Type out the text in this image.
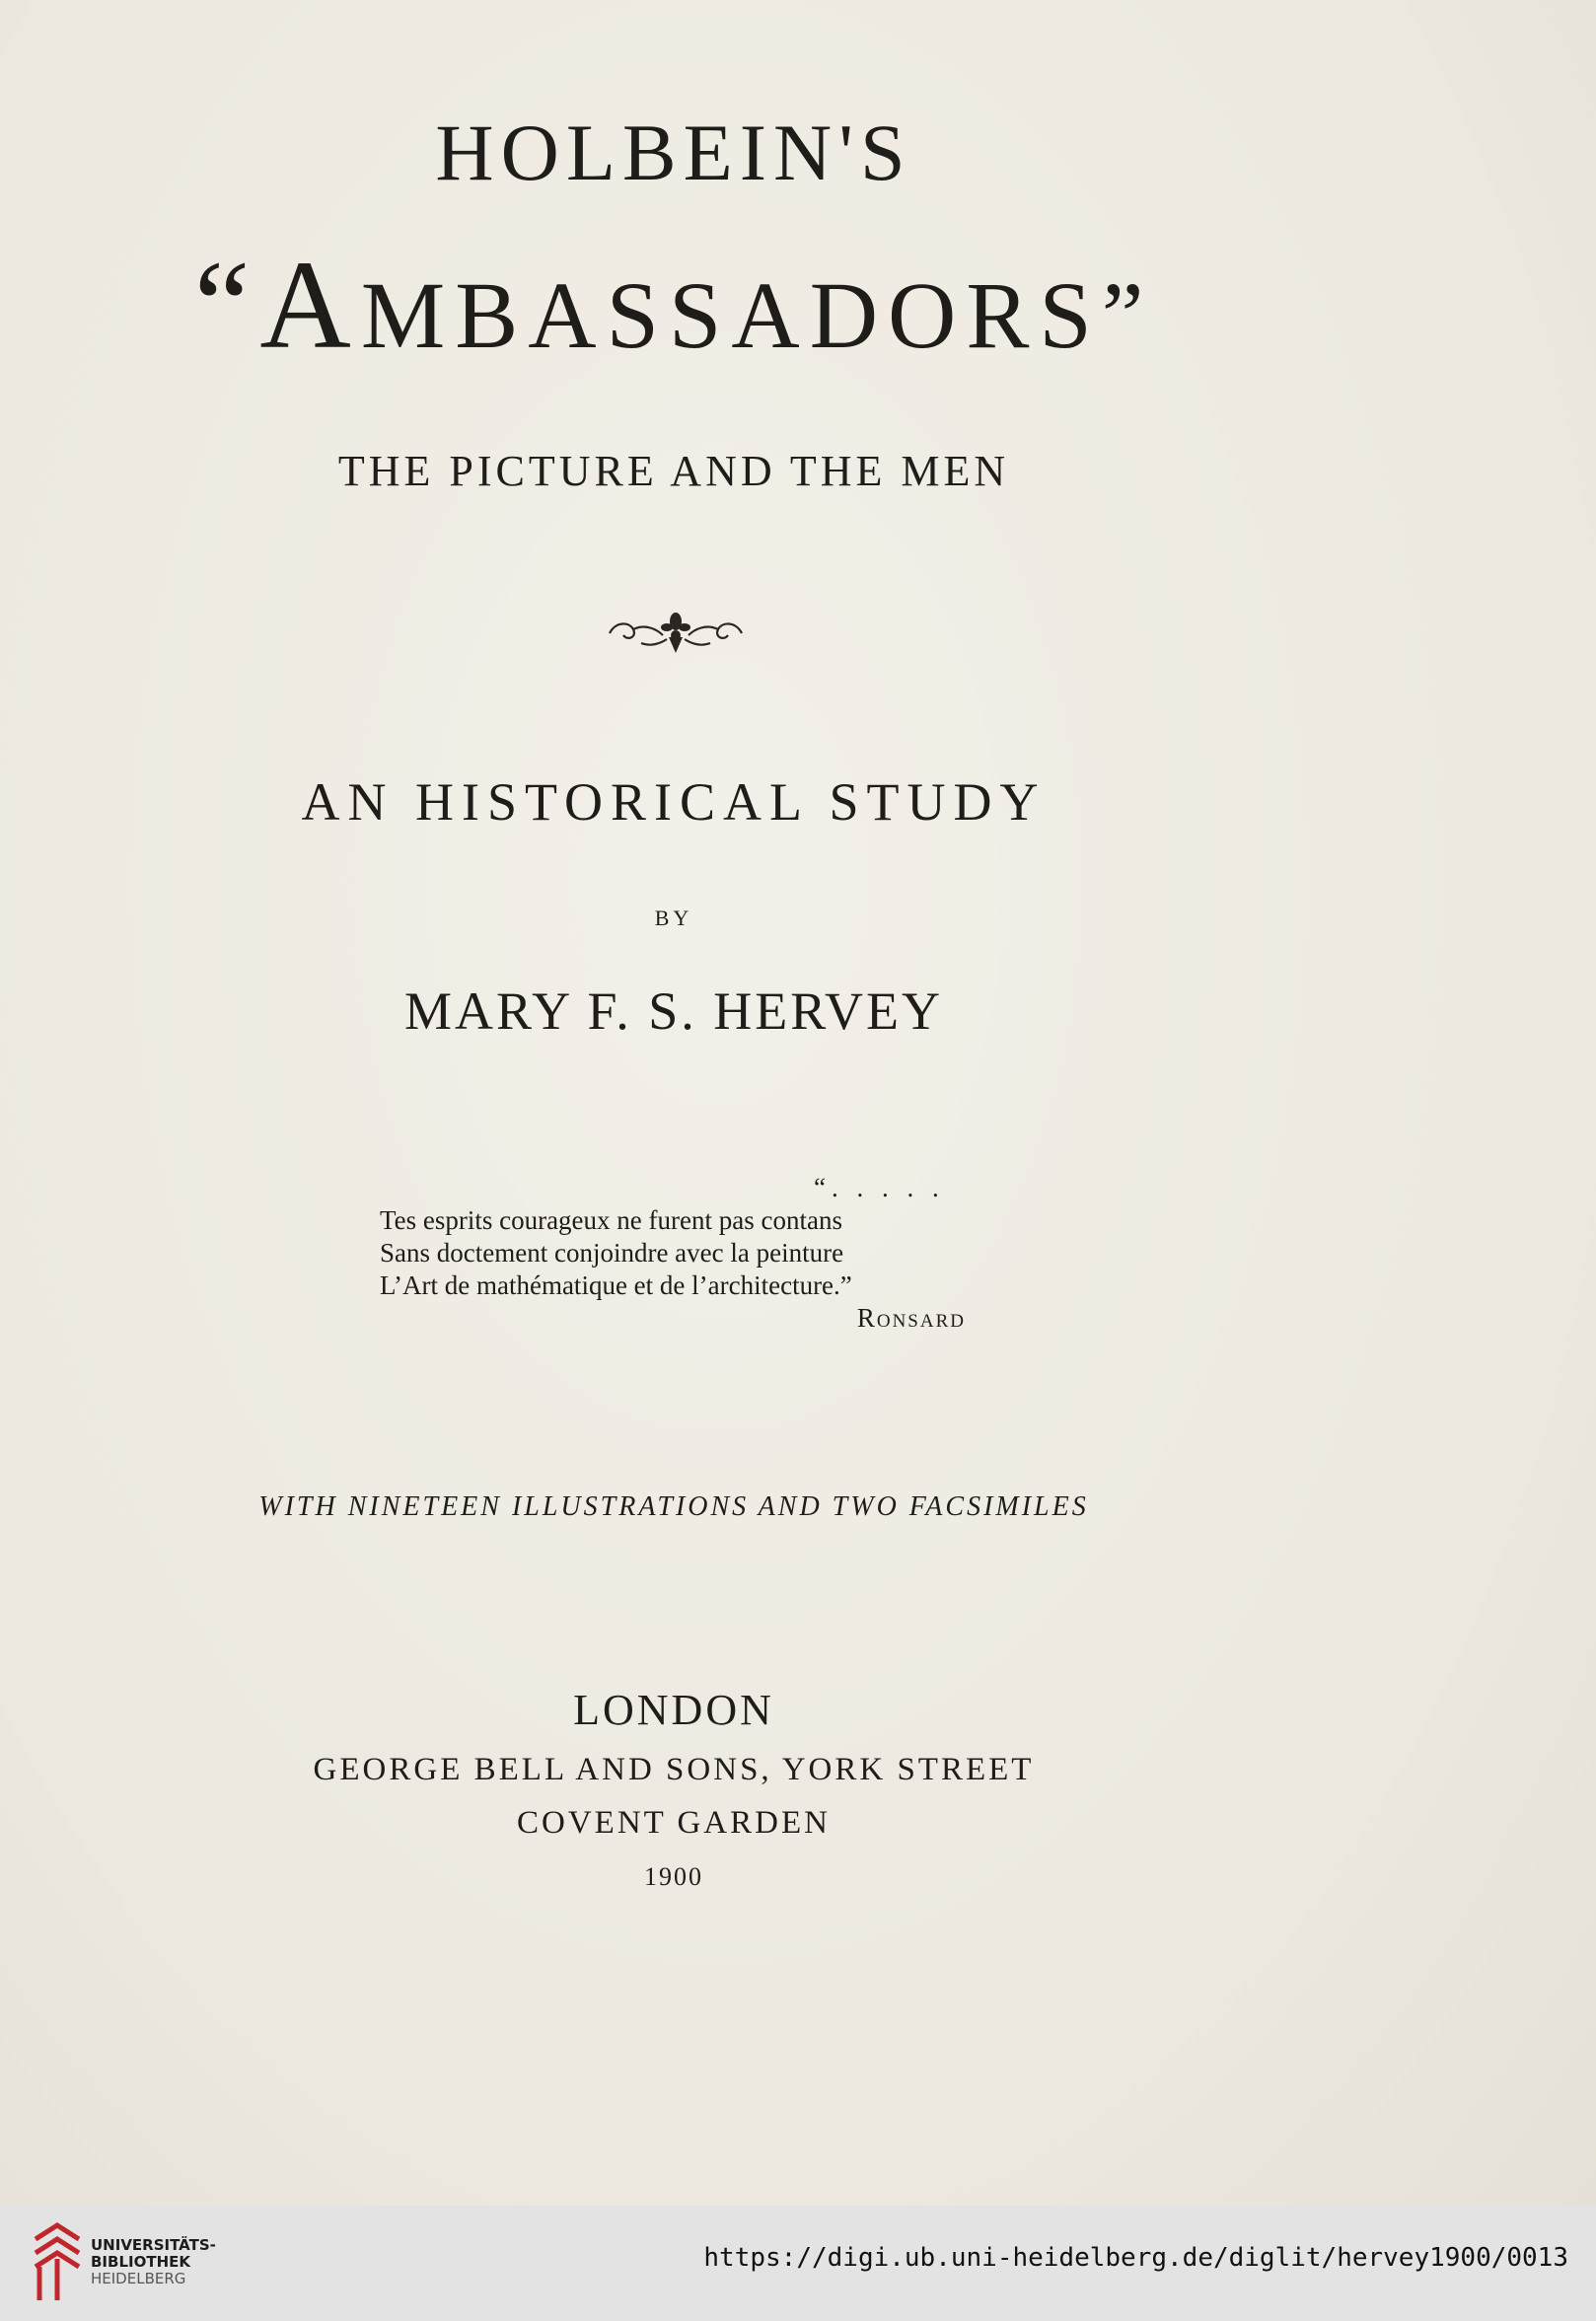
HOLBEIN'S
“AMBASSADORS”
THE PICTURE AND THE MEN
AN HISTORICAL STUDY
BY
MARY F. S. HERVEY
“. . . . .
Tes esprits courageux ne furent pas contans
Sans doctement conjoindre avec la peinture
L’Art de mathématique et de l’architecture.”
Ronsard
WITH NINETEEN ILLUSTRATIONS AND TWO FACSIMILES
LONDON
GEORGE BELL AND SONS, YORK STREET
COVENT GARDEN
1900
UNIVERSITÄTS-
BIBLIOTHEK
HEIDELBERG
https://digi.ub.uni-heidelberg.de/diglit/hervey1900/0013
